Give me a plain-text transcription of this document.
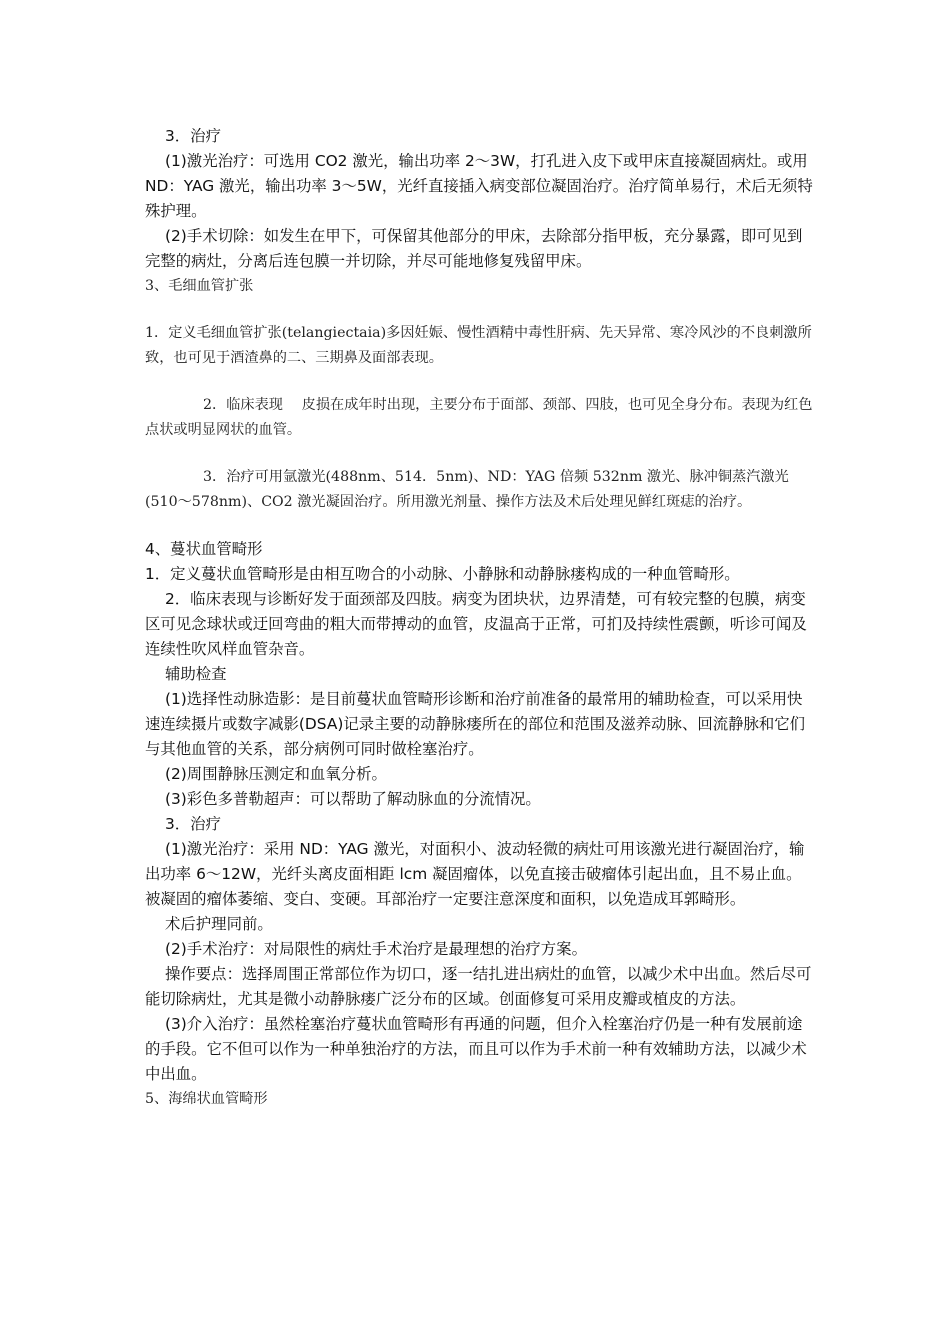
3．治疗

(1)激光治疗：可选用 CO2 激光，输出功率 2～3W，打孔进入皮下或甲床直接凝固病灶。或用 ND：YAG 激光，输出功率 3～5W，光纤直接插入病变部位凝固治疗。治疗简单易行，术后无须特殊护理。

(2)手术切除：如发生在甲下，可保留其他部分的甲床，去除部分指甲板，充分暴露，即可见到完整的病灶，分离后连包膜一并切除，并尽可能地修复残留甲床。

3、毛细血管扩张

1．定义毛细血管扩张(telangiectaia)多因妊娠、慢性酒精中毒性肝病、先天异常、寒冷风沙的不良刺激所致，也可见于酒渣鼻的二、三期鼻及面部表现。

2．临床表现　 皮损在成年时出现，主要分布于面部、颈部、四肢，也可见全身分布。表现为红色点状或明显网状的血管。

3．治疗可用氩激光(488nm、514．5nm)、ND：YAG 倍频 532nm 激光、脉冲铜蒸汽激光(510～578nm)、CO2 激光凝固治疗。所用激光剂量、操作方法及术后处理见鲜红斑痣的治疗。

4、蔓状血管畸形

1．定义蔓状血管畸形是由相互吻合的小动脉、小静脉和动静脉瘘构成的一种血管畸形。

2．临床表现与诊断好发于面颈部及四肢。病变为团块状，边界清楚，可有较完整的包膜，病变区可见念球状或迂回弯曲的粗大而带搏动的血管，皮温高于正常，可扪及持续性震颤，听诊可闻及连续性吹风样血管杂音。

辅助检查

(1)选择性动脉造影：是目前蔓状血管畸形诊断和治疗前准备的最常用的辅助检查，可以采用快速连续摄片或数字减影(DSA)记录主要的动静脉瘘所在的部位和范围及滋养动脉、回流静脉和它们与其他血管的关系，部分病例可同时做栓塞治疗。

(2)周围静脉压测定和血氧分析。

(3)彩色多普勒超声：可以帮助了解动脉血的分流情况。

3．治疗

(1)激光治疗：采用 ND：YAG 激光，对面积小、波动轻微的病灶可用该激光进行凝固治疗，输出功率 6～12W，光纤头离皮面相距 lcm 凝固瘤体，以免直接击破瘤体引起出血，且不易止血。被凝固的瘤体萎缩、变白、变硬。耳部治疗一定要注意深度和面积，以免造成耳郭畸形。

术后护理同前。

(2)手术治疗：对局限性的病灶手术治疗是最理想的治疗方案。

操作要点：选择周围正常部位作为切口，逐一结扎进出病灶的血管，以减少术中出血。然后尽可能切除病灶，尤其是微小动静脉瘘广泛分布的区域。创面修复可采用皮瓣或植皮的方法。

(3)介入治疗：虽然栓塞治疗蔓状血管畸形有再通的问题，但介入栓塞治疗仍是一种有发展前途的手段。它不但可以作为一种单独治疗的方法，而且可以作为手术前一种有效辅助方法，以减少术中出血。

5、海绵状血管畸形
